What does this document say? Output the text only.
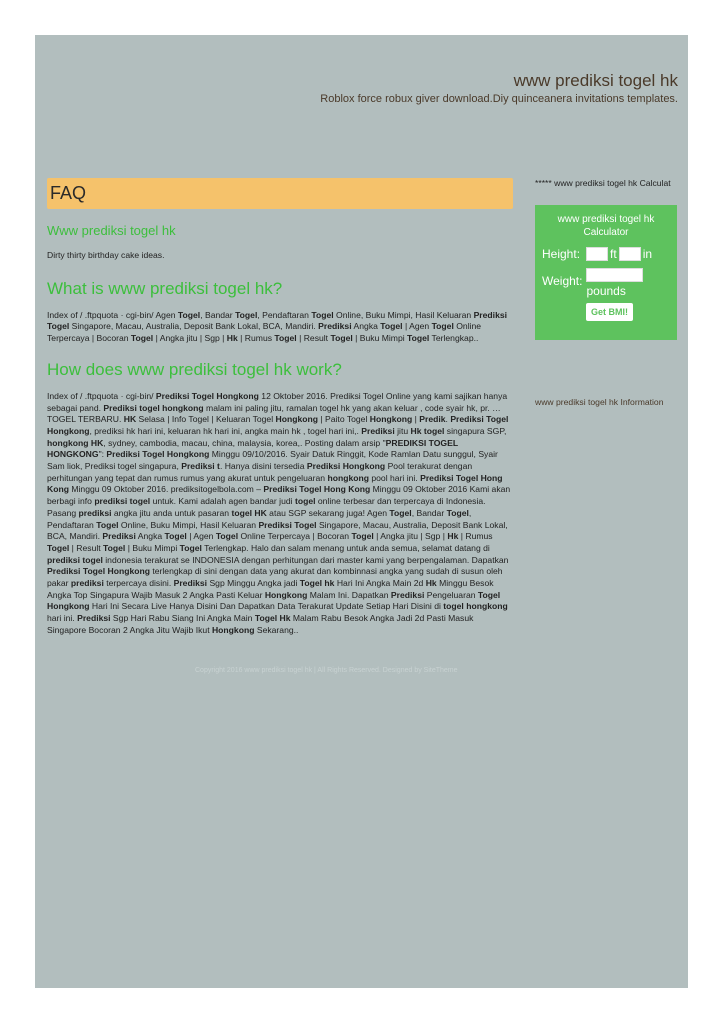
www prediksi togel hk
Roblox force robux giver download.Diy quinceanera invitations templates.
FAQ
Www prediksi togel hk

Dirty thirty birthday cake ideas.

What is www prediksi togel hk?

Index of / .ftpquota · cgi-bin/ Agen Togel, Bandar Togel, Pendaftaran Togel Online, Buku Mimpi, Hasil Keluaran Prediksi Togel Singapore, Macau, Australia, Deposit Bank Lokal, BCA, Mandiri. Prediksi Angka Togel | Agen Togel Online Terpercaya | Bocoran Togel | Angka jitu | Sgp | Hk | Rumus Togel | Result Togel | Buku Mimpi Togel Terlengkap..

How does www prediksi togel hk work?

Index of / .ftpquota · cgi-bin/ Prediksi Togel Hongkong 12 Oktober 2016. Prediksi Togel Online yang kami sajikan hanya sebagai pand. Prediksi togel hongkong malam ini paling jitu, ramalan togel hk yang akan keluar , code syair hk, pr. … TOGEL TERBARU. HK Selasa | Info Togel | Keluaran Togel Hongkong | Paito Togel Hongkong | Predik. Prediksi Togel Hongkong, prediksi hk hari ini, keluaran hk hari ini, angka main hk , togel hari ini,. Prediksi jitu Hk togel singapura SGP, hongkong HK, sydney, cambodia, macau, china, malaysia, korea,. Posting dalam arsip "PREDIKSI TOGEL HONGKONG": Prediksi Togel Hongkong Minggu 09/10/2016. Syair Datuk Ringgit, Kode Ramlan Datu sunggul, Syair Sam liok, Prediksi togel singapura, Prediksi t. Hanya disini tersedia Prediksi Hongkong Pool terakurat dengan perhitungan yang tepat dan rumus rumus yang akurat untuk pengeluaran hongkong pool hari ini. Prediksi Togel Hong Kong Minggu 09 Oktober 2016. prediksitogelbola.com – Prediksi Togel Hong Kong Minggu 09 Oktober 2016 Kami akan berbagi info prediksi togel untuk. Kami adalah agen bandar judi togel online terbesar dan terpercaya di Indonesia. Pasang prediksi angka jitu anda untuk pasaran togel HK atau SGP sekarang juga! Agen Togel, Bandar Togel, Pendaftaran Togel Online, Buku Mimpi, Hasil Keluaran Prediksi Togel Singapore, Macau, Australia, Deposit Bank Lokal, BCA, Mandiri. Prediksi Angka Togel | Agen Togel Online Terpercaya | Bocoran Togel | Angka jitu | Sgp | Hk | Rumus Togel | Result Togel | Buku Mimpi Togel Terlengkap. Halo dan salam menang untuk anda semua, selamat datang di prediksi togel indonesia terakurat se INDONESIA dengan perhitungan dari master kami yang berpengalaman. Dapatkan Prediksi Togel Hongkong terlengkap di sini dengan data yang akurat dan kombinnasi angka yang sudah di susun oleh pakar prediksi terpercaya disini. Prediksi Sgp Minggu Angka jadi Togel hk Hari Ini Angka Main 2d Hk Minggu Besok Angka Top Singapura Wajib Masuk 2 Angka Pasti Keluar Hongkong Malam Ini. Dapatkan Prediksi Pengeluaran Togel Hongkong Hari Ini Secara Live Hanya Disini Dan Dapatkan Data Terakurat Update Setiap Hari Disini di togel hongkong hari ini. Prediksi Sgp Hari Rabu Siang Ini Angka Main Togel Hk Malam Rabu Besok Angka Jadi 2d Pasti Masuk Singapore Bocoran 2 Angka Jitu Wajib Ikut Hongkong Sekarang..

***** www prediksi togel hk Calculat
www prediksi togel hk Calculator
Height:	ft in
Weight:
pounds
Get BMI!
www prediksi togel hk Information
Copyright 2016 www prediksi togel hk | All Rights Reserved. Designed by SiteTheme
